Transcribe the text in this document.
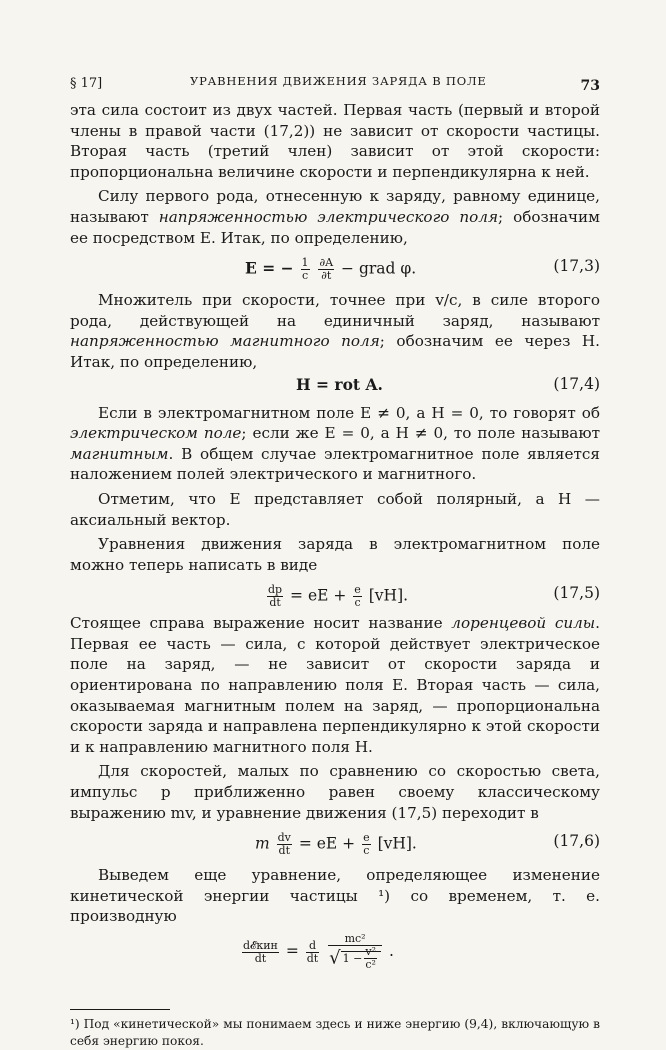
§ 17]	УРАВНЕНИЯ ДВИЖЕНИЯ ЗАРЯДА В ПОЛЕ	73

эта сила состоит из двух частей. Первая часть (первый и второй члены в правой части (17,2)) не зависит от скорости частицы. Вторая часть (третий член) зависит от этой скорости: пропорциональна величине скорости и перпендикулярна к ней.

Силу первого рода, отнесенную к заряду, равному единице, называют напряженностью электрического поля; обозначим ее посредством E. Итак, по определению,

E = − $\frac{1}{c}$
$\frac{\partial A}{\partial t}$ − grad φ.	(17,3)

Множитель при скорости, точнее при v/c, в силе второго рода, действующей на единичный заряд, называют напряженностью магнитного поля; обозначим ее через H. Итак, по определению,

H = rot A.	(17,4)

Если в электромагнитном поле E ≠ 0, а H = 0, то говорят об электрическом поле; если же E = 0, а H ≠ 0, то поле называют магнитным. В общем случае электромагнитное поле является наложением полей электрического и магнитного.

Отметим, что E представляет собой полярный, а H — аксиальный вектор.

Уравнения движения заряда в электромагнитном поле можно теперь написать в виде

$\frac{dp}{dt}$ = eE + $\frac{e}{c} [vH]$.	(17,5)

Стоящее справа выражение носит название лоренцевой силы. Первая ее часть — сила, с которой действует электрическое поле на заряд, — не зависит от скорости заряда и ориентирована по направлению поля E. Вторая часть — сила, оказываемая магнитным полем на заряд, — пропорциональна скорости заряда и направлена перпендикулярно к этой скорости и к направлению магнитного поля H.

Для скоростей, малых по сравнению со скоростью света, импульс p приближенно равен своему классическому выражению mv, и уравнение движения (17,5) переходит в

m $\frac{dv}{dt}$ = eE + $\frac{e}{c} [vH]$.	(17,6)

Выведем еще уравнение, определяющее изменение кинетической энергии частицы ¹) со временем, т. е. производную

$\frac{\text{d𝓔кин}}{dt} = \frac{d}{dt}$
$\frac{\text{mc²}}{√ 1 - \frac{\text{v²}}{\text{c²}}}$ .

¹) Под «кинетической» мы понимаем здесь и ниже энергию (9,4), включающую в себя энергию покоя.
